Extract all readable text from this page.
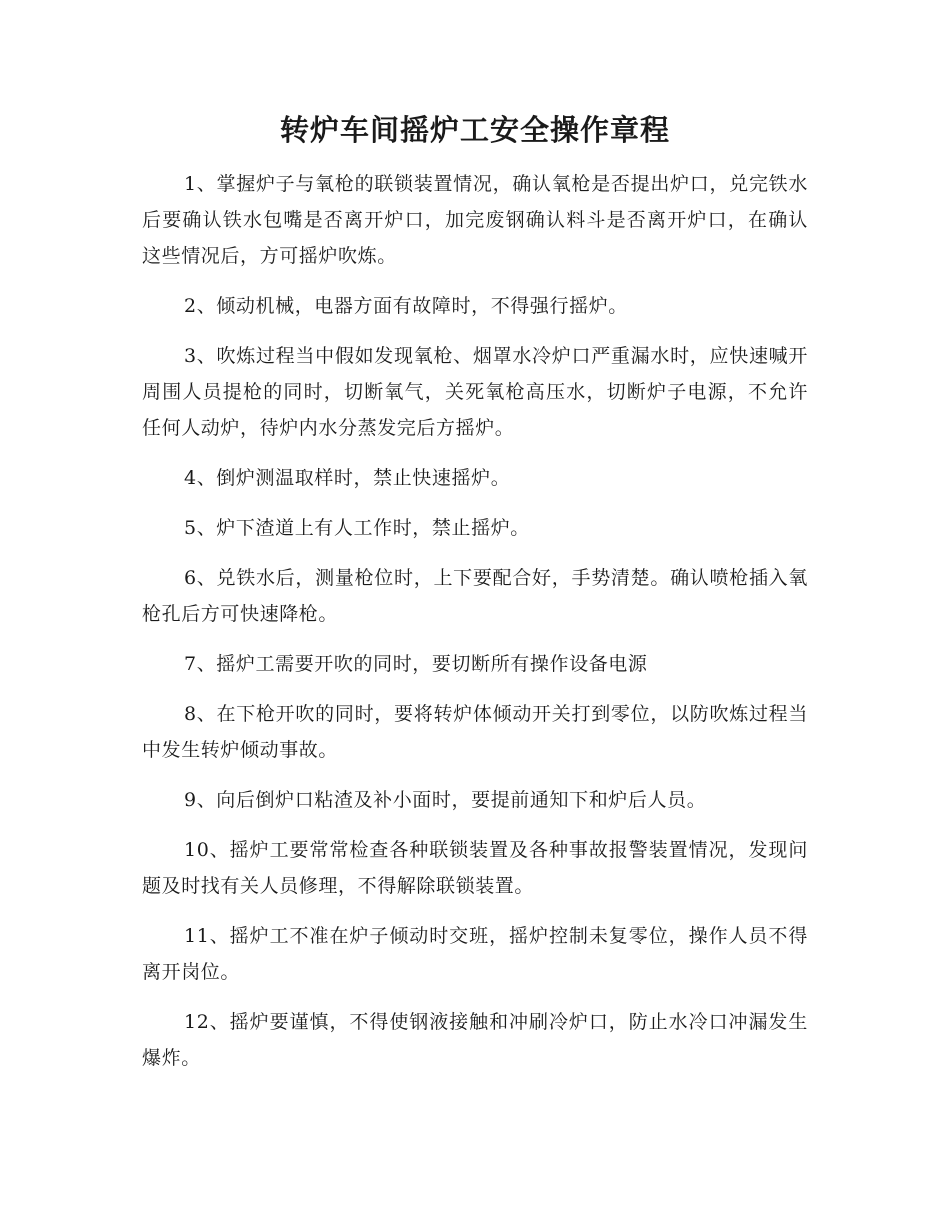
转炉车间摇炉工安全操作章程

1、掌握炉子与氧枪的联锁装置情况，确认氧枪是否提出炉口，兑完铁水后要确认铁水包嘴是否离开炉口，加完废钢确认料斗是否离开炉口，在确认这些情况后，方可摇炉吹炼。

2、倾动机械，电器方面有故障时，不得强行摇炉。

3、吹炼过程当中假如发现氧枪、烟罩水冷炉口严重漏水时，应快速喊开周围人员提枪的同时，切断氧气，关死氧枪高压水，切断炉子电源，不允许任何人动炉，待炉内水分蒸发完后方摇炉。

4、倒炉测温取样时，禁止快速摇炉。

5、炉下渣道上有人工作时，禁止摇炉。

6、兑铁水后，测量枪位时，上下要配合好，手势清楚。确认喷枪插入氧枪孔后方可快速降枪。

7、摇炉工需要开吹的同时，要切断所有操作设备电源

8、在下枪开吹的同时，要将转炉体倾动开关打到零位，以防吹炼过程当中发生转炉倾动事故。

9、向后倒炉口粘渣及补小面时，要提前通知下和炉后人员。

10、摇炉工要常常检查各种联锁装置及各种事故报警装置情况，发现问题及时找有关人员修理，不得解除联锁装置。

11、摇炉工不准在炉子倾动时交班，摇炉控制未复零位，操作人员不得离开岗位。

12、摇炉要谨慎，不得使钢液接触和冲刷冷炉口，防止水冷口冲漏发生爆炸。
